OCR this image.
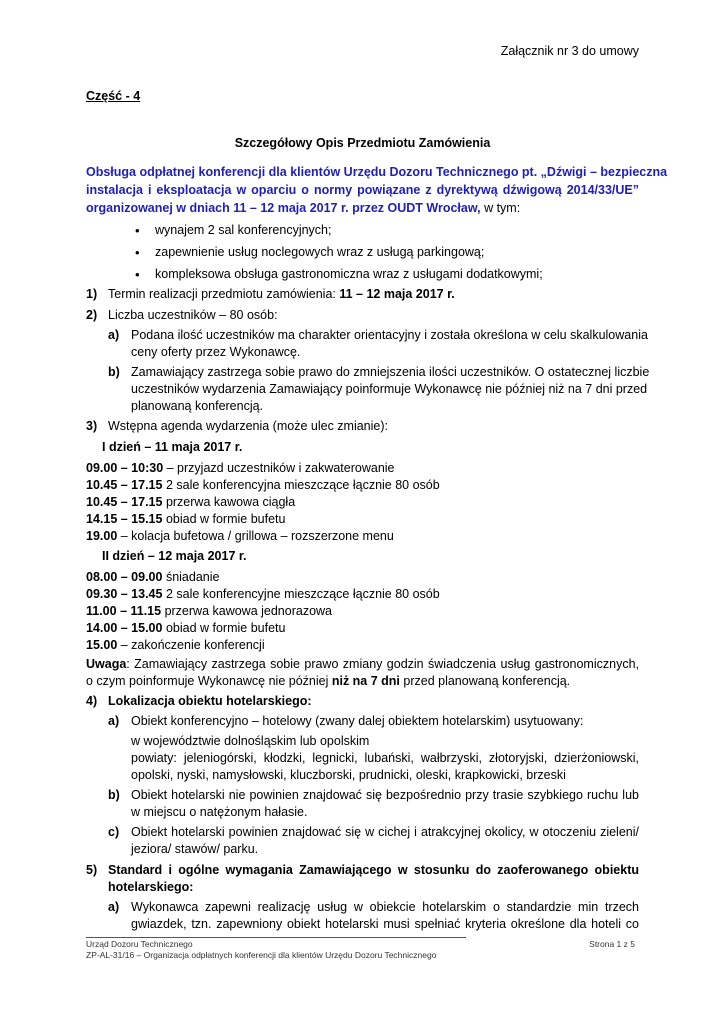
Załącznik nr 3 do umowy
Część - 4
Szczegółowy Opis Przedmiotu Zamówienia
Obsługa odpłatnej konferencji dla klientów Urzędu Dozoru Technicznego pt. „Dźwigi – bezpieczna
instalacja i eksploatacja w oparciu o normy powiązane z dyrektywą dźwigową 2014/33/UE”
organizowanej w dniach 11 – 12 maja 2017 r. przez OUDT Wrocław, w tym:
• wynajem 2 sal konferencyjnych;
• zapewnienie usług noclegowych wraz z usługą parkingową;
• kompleksowa obsługa gastronomiczna wraz z usługami dodatkowymi;
1) Termin realizacji przedmiotu zamówienia: 11 – 12 maja 2017 r.
2) Liczba uczestników – 80 osób:
a) Podana ilość uczestników ma charakter orientacyjny i została określona w celu skalkulowania
ceny oferty przez Wykonawcę.
b) Zamawiający zastrzega sobie prawo do zmniejszenia ilości uczestników. O ostatecznej liczbie
uczestników wydarzenia Zamawiający poinformuje Wykonawcę nie później niż na 7 dni przed
planowaną konferencją.
3) Wstępna agenda wydarzenia (może ulec zmianie):
I dzień – 11 maja 2017 r.
09.00 – 10:30 – przyjazd uczestników i zakwaterowanie
10.45 – 17.15 2 sale konferencyjna mieszczące łącznie 80 osób
10.45 – 17.15 przerwa kawowa ciągła
14.15 – 15.15 obiad w formie bufetu
19.00 – kolacja bufetowa / grillowa – rozszerzone menu
II dzień – 12 maja 2017 r.
08.00 – 09.00 śniadanie
09.30 – 13.45 2 sale konferencyjne mieszczące łącznie 80 osób
11.00 – 11.15 przerwa kawowa jednorazowa
14.00 – 15.00 obiad w formie bufetu
15.00 – zakończenie konferencji
Uwaga: Zamawiający zastrzega sobie prawo zmiany godzin świadczenia usług gastronomicznych,
o czym poinformuje Wykonawcę nie później niż na 7 dni przed planowaną konferencją.
4) Lokalizacja obiektu hotelarskiego:
a) Obiekt konferencyjno – hotelowy (zwany dalej obiektem hotelarskim) usytuowany:
w województwie dolnośląskim lub opolskim
powiaty: jeleniogórski, kłodzki, legnicki, lubański, wałbrzyski, złotoryjski, dzierżoniowski,
opolski, nyski, namysłowski, kluczborski, prudnicki, oleski, krapkowicki, brzeski
b) Obiekt hotelarski nie powinien znajdować się bezpośrednio przy trasie szybkiego ruchu lub
w miejscu o natężonym hałasie.
c) Obiekt hotelarski powinien znajdować się w cichej i atrakcyjnej okolicy, w otoczeniu zieleni/
jeziora/ stawów/ parku.
5) Standard i ogólne wymagania Zamawiającego w stosunku do zaoferowanego obiektu
hotelarskiego:
a) Wykonawca zapewni realizację usług w obiekcie hotelarskim o standardzie min trzech
gwiazdek, tzn. zapewniony obiekt hotelarski musi spełniać kryteria określone dla hoteli co
Urząd Dozoru Technicznego
ZP-AL-31/16 – Organizacja odpłatnych konferencji dla klientów Urzędu Dozoru Technicznego
Strona 1 z 5
